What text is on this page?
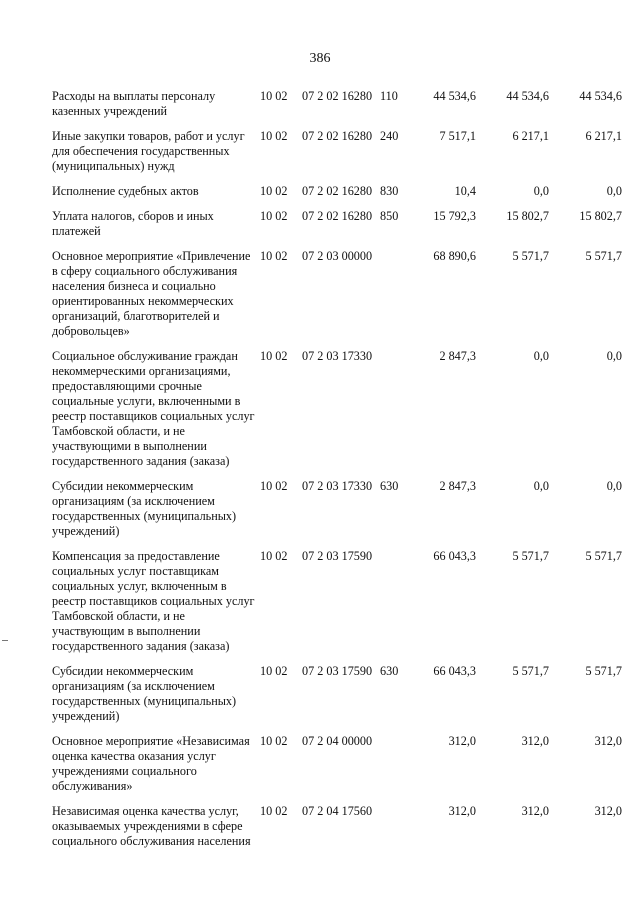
386
Расходы на выплаты персоналу казенных учреждений	10 02	07 2 02 16280	110	44 534,6	44 534,6	44 534,6
Иные закупки товаров, работ и услуг для обеспечения государственных (муниципальных) нужд	10 02	07 2 02 16280	240	7 517,1	6 217,1	6 217,1
Исполнение судебных актов	10 02	07 2 02 16280	830	10,4	0,0	0,0
Уплата налогов, сборов и иных платежей	10 02	07 2 02 16280	850	15 792,3	15 802,7	15 802,7
Основное мероприятие «Привлечение в сферу социального обслуживания населения бизнеса и социально ориентированных некоммерческих организаций, благотворителей и добровольцев»	10 02	07 2 03 00000		68 890,6	5 571,7	5 571,7
Социальное обслуживание граждан некоммерческими организациями, предоставляющими срочные социальные услуги, включенными в реестр поставщиков социальных услуг Тамбовской области, и не участвующими в выполнении государственного задания (заказа)	10 02	07 2 03 17330		2 847,3	0,0	0,0
Субсидии некоммерческим организациям (за исключением государственных (муниципальных) учреждений)	10 02	07 2 03 17330	630	2 847,3	0,0	0,0
Компенсация за предоставление социальных услуг поставщикам социальных услуг, включенным в реестр поставщиков социальных услуг Тамбовской области, и не участвующим в выполнении государственного задания (заказа)	10 02	07 2 03 17590		66 043,3	5 571,7	5 571,7
Субсидии некоммерческим организациям (за исключением государственных (муниципальных) учреждений)	10 02	07 2 03 17590	630	66 043,3	5 571,7	5 571,7
Основное мероприятие «Независимая оценка качества оказания услуг учреждениями социального обслуживания»	10 02	07 2 04 00000		312,0	312,0	312,0
Независимая оценка качества услуг, оказываемых учреждениями в сфере социального обслуживания населения	10 02	07 2 04 17560		312,0	312,0	312,0
